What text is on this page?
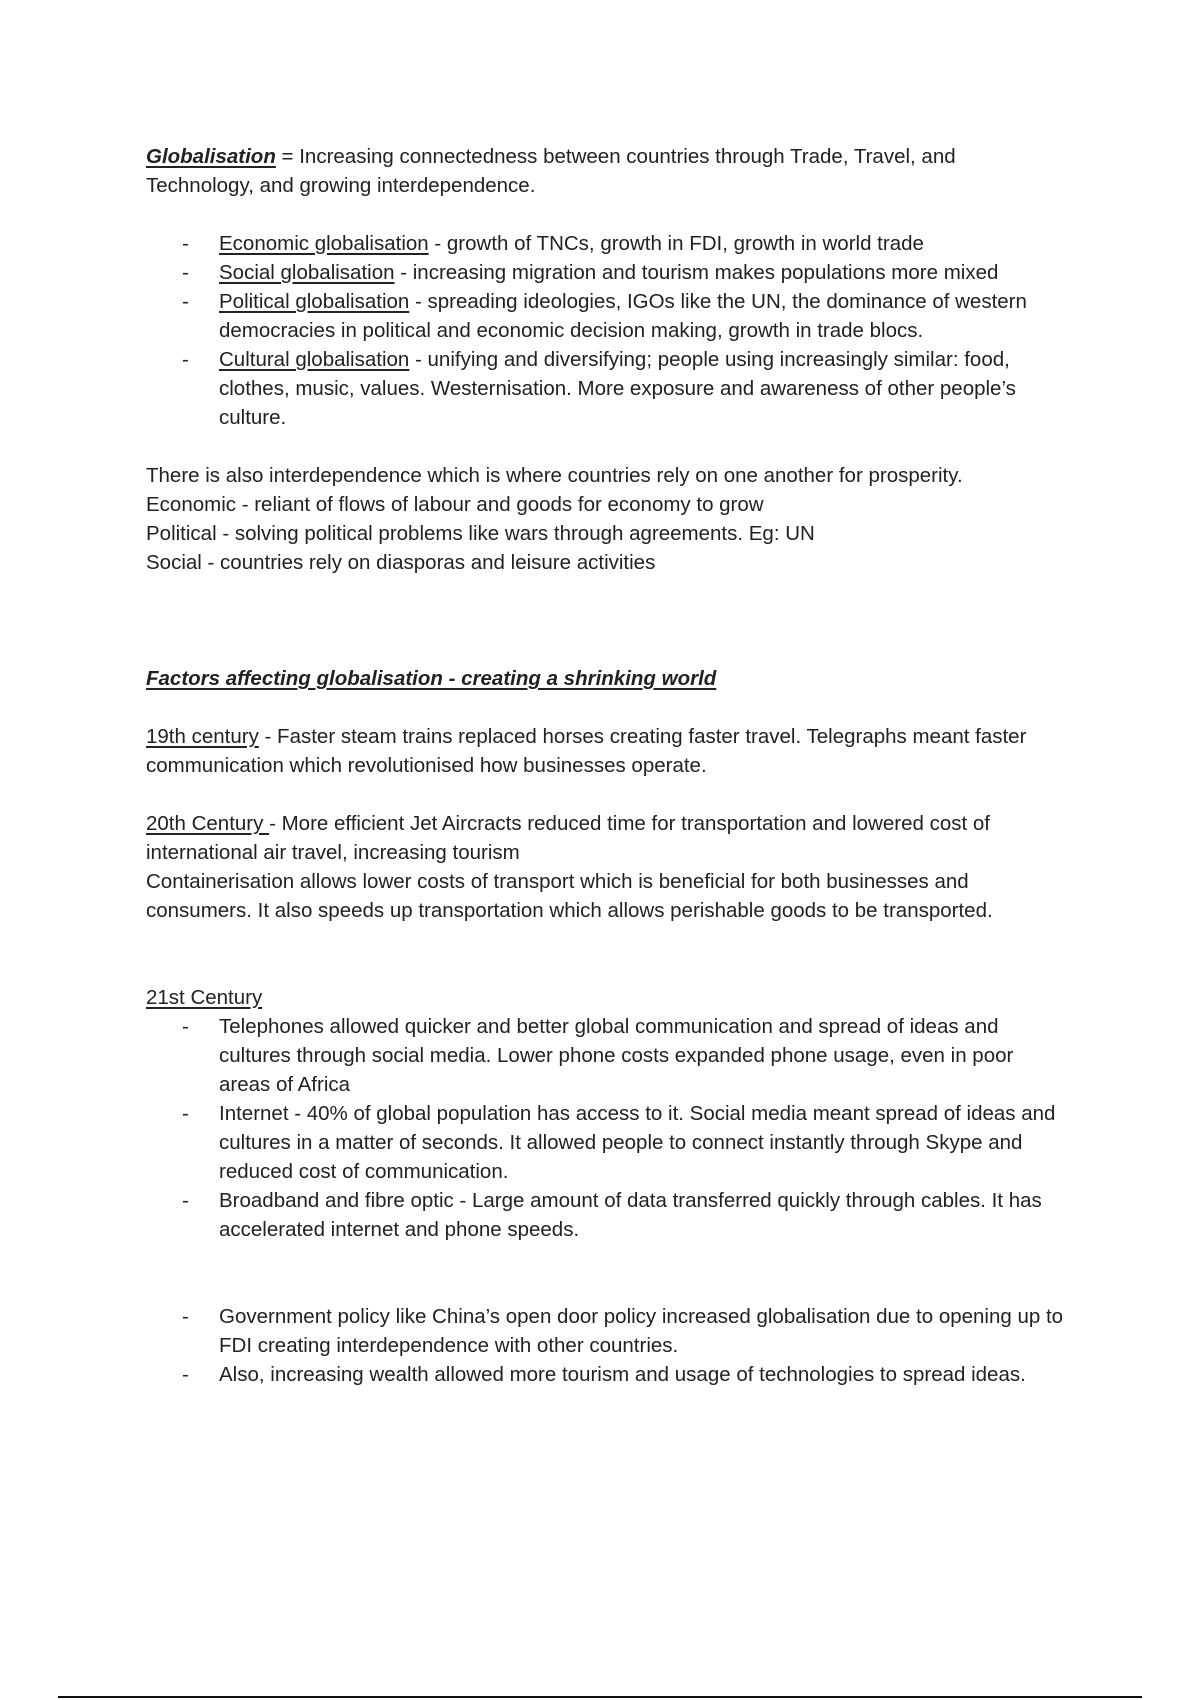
Globalisation = Increasing connectedness between countries through Trade, Travel, and Technology, and growing interdependence.

- Economic globalisation - growth of TNCs, growth in FDI, growth in world trade
- Social globalisation - increasing migration and tourism makes populations more mixed
- Political globalisation - spreading ideologies, IGOs like the UN, the dominance of western democracies in political and economic decision making, growth in trade blocs.
- Cultural globalisation - unifying and diversifying; people using increasingly similar: food, clothes, music, values. Westernisation. More exposure and awareness of other people’s culture.

There is also interdependence which is where countries rely on one another for prosperity.

Economic - reliant of flows of labour and goods for economy to grow

Political - solving political problems like wars through agreements. Eg: UN

Social - countries rely on diasporas and leisure activities

Factors affecting globalisation - creating a shrinking world

19th century - Faster steam trains replaced horses creating faster travel. Telegraphs meant faster communication which revolutionised how businesses operate.

20th Century - More efficient Jet Aircracts reduced time for transportation and lowered cost of international air travel, increasing tourism

Containerisation allows lower costs of transport which is beneficial for both businesses and consumers. It also speeds up transportation which allows perishable goods to be transported.

21st Century

- Telephones allowed quicker and better global communication and spread of ideas and cultures through social media. Lower phone costs expanded phone usage, even in poor areas of Africa
- Internet - 40% of global population has access to it. Social media meant spread of ideas and cultures in a matter of seconds. It allowed people to connect instantly through Skype and reduced cost of communication.
- Broadband and fibre optic - Large amount of data transferred quickly through cables. It has accelerated internet and phone speeds.
- Government policy like China’s open door policy increased globalisation due to opening up to FDI creating interdependence with other countries.
- Also, increasing wealth allowed more tourism and usage of technologies to spread ideas.
